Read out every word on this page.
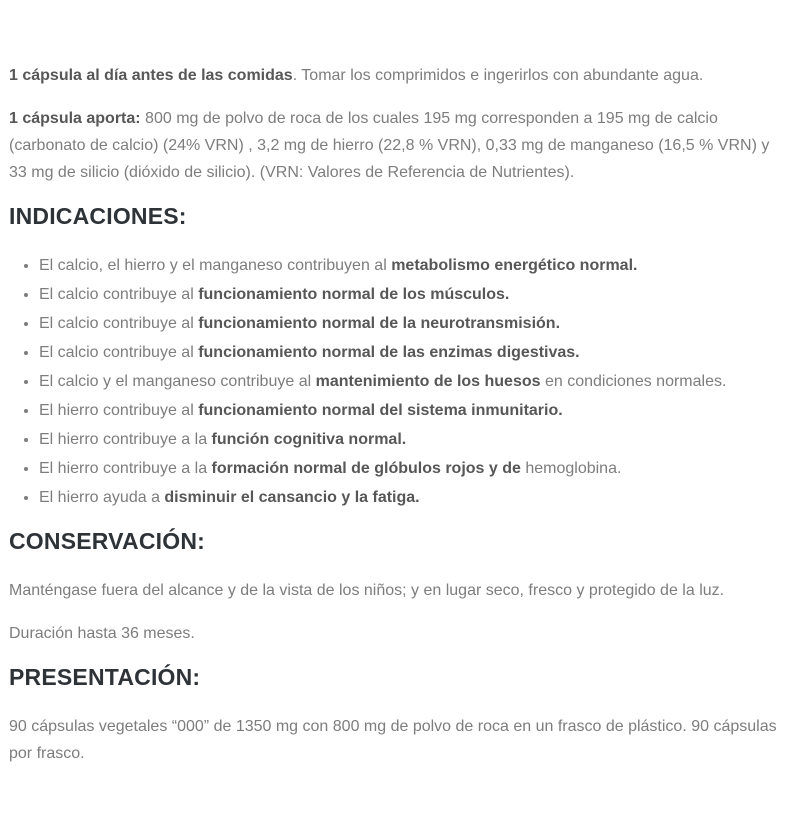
1 cápsula al día antes de las comidas. Tomar los comprimidos e ingerirlos con abundante agua.

1 cápsula aporta: 800 mg de polvo de roca de los cuales 195 mg corresponden a 195 mg de calcio (carbonato de calcio) (24% VRN) , 3,2 mg de hierro (22,8 % VRN), 0,33 mg de manganeso (16,5 % VRN) y 33 mg de silicio (dióxido de silicio). (VRN: Valores de Referencia de Nutrientes).

INDICACIONES:
• El calcio, el hierro y el manganeso contribuyen al metabolismo energético normal.
• El calcio contribuye al funcionamiento normal de los músculos.
• El calcio contribuye al funcionamiento normal de la neurotransmisión.
• El calcio contribuye al funcionamiento normal de las enzimas digestivas.
• El calcio y el manganeso contribuye al mantenimiento de los huesos en condiciones normales.
• El hierro contribuye al funcionamiento normal del sistema inmunitario.
• El hierro contribuye a la función cognitiva normal.
• El hierro contribuye a la formación normal de glóbulos rojos y de hemoglobina.
• El hierro ayuda a disminuir el cansancio y la fatiga.
CONSERVACIÓN:

Manténgase fuera del alcance y de la vista de los niños; y en lugar seco, fresco y protegido de la luz.

Duración hasta 36 meses.

PRESENTACIÓN:

90 cápsulas vegetales “000” de 1350 mg con 800 mg de polvo de roca en un frasco de plástico. 90 cápsulas por frasco.
